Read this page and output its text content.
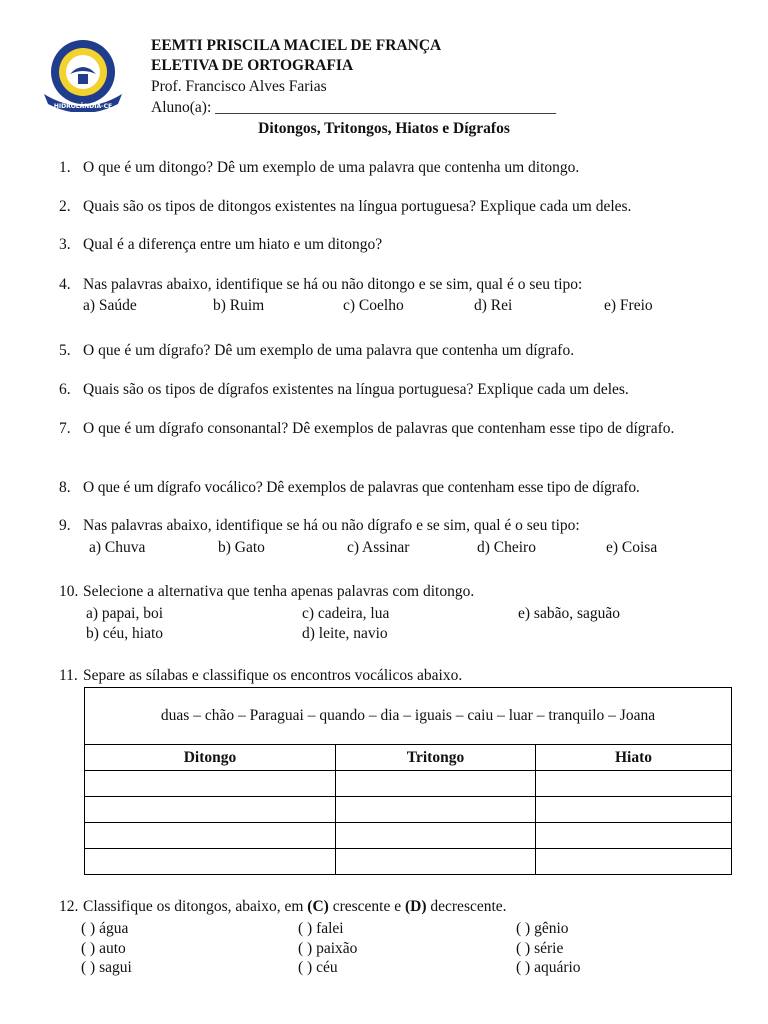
HIDROLÂNDIA-CE
EEMTI PRISCILA MACIEL DE FRANÇA
ELETIVA DE ORTOGRAFIA
Prof. Francisco Alves Farias
Aluno(a): ____________________________________________
Ditongos, Tritongos, Hiatos e Dígrafos
1. O que é um ditongo? Dê um exemplo de uma palavra que contenha um ditongo.
2. Quais são os tipos de ditongos existentes na língua portuguesa? Explique cada um deles.
3. Qual é a diferença entre um hiato e um ditongo?
4. Nas palavras abaixo, identifique se há ou não ditongo e se sim, qual é o seu tipo:
a) Saúde	b) Ruim	c) Coelho	d) Rei	e) Freio
5. O que é um dígrafo? Dê um exemplo de uma palavra que contenha um dígrafo.
6. Quais são os tipos de dígrafos existentes na língua portuguesa? Explique cada um deles.
7. O que é um dígrafo consonantal? Dê exemplos de palavras que contenham esse tipo de dígrafo.
8. O que é um dígrafo vocálico? Dê exemplos de palavras que contenham esse tipo de dígrafo.
9. Nas palavras abaixo, identifique se há ou não dígrafo e se sim, qual é o seu tipo:
a) Chuva	b) Gato	c) Assinar	d) Cheiro	e) Coisa
10. Selecione a alternativa que tenha apenas palavras com ditongo.
a) papai, boi	c) cadeira, lua	e) sabão, saguão
b) céu, hiato	d) leite, navio
11. Separe as sílabas e classifique os encontros vocálicos abaixo.
duas – chão – Paraguai – quando – dia – iguais – caiu – luar – tranquilo – Joana		
Ditongo	Tritongo	Hiato

12. Classifique os ditongos, abaixo, em (C) crescente e (D) decrescente.
( ) água	( ) falei	( ) gênio
( ) auto	( ) paixão	( ) série
( ) sagui	( ) céu	( ) aquário
